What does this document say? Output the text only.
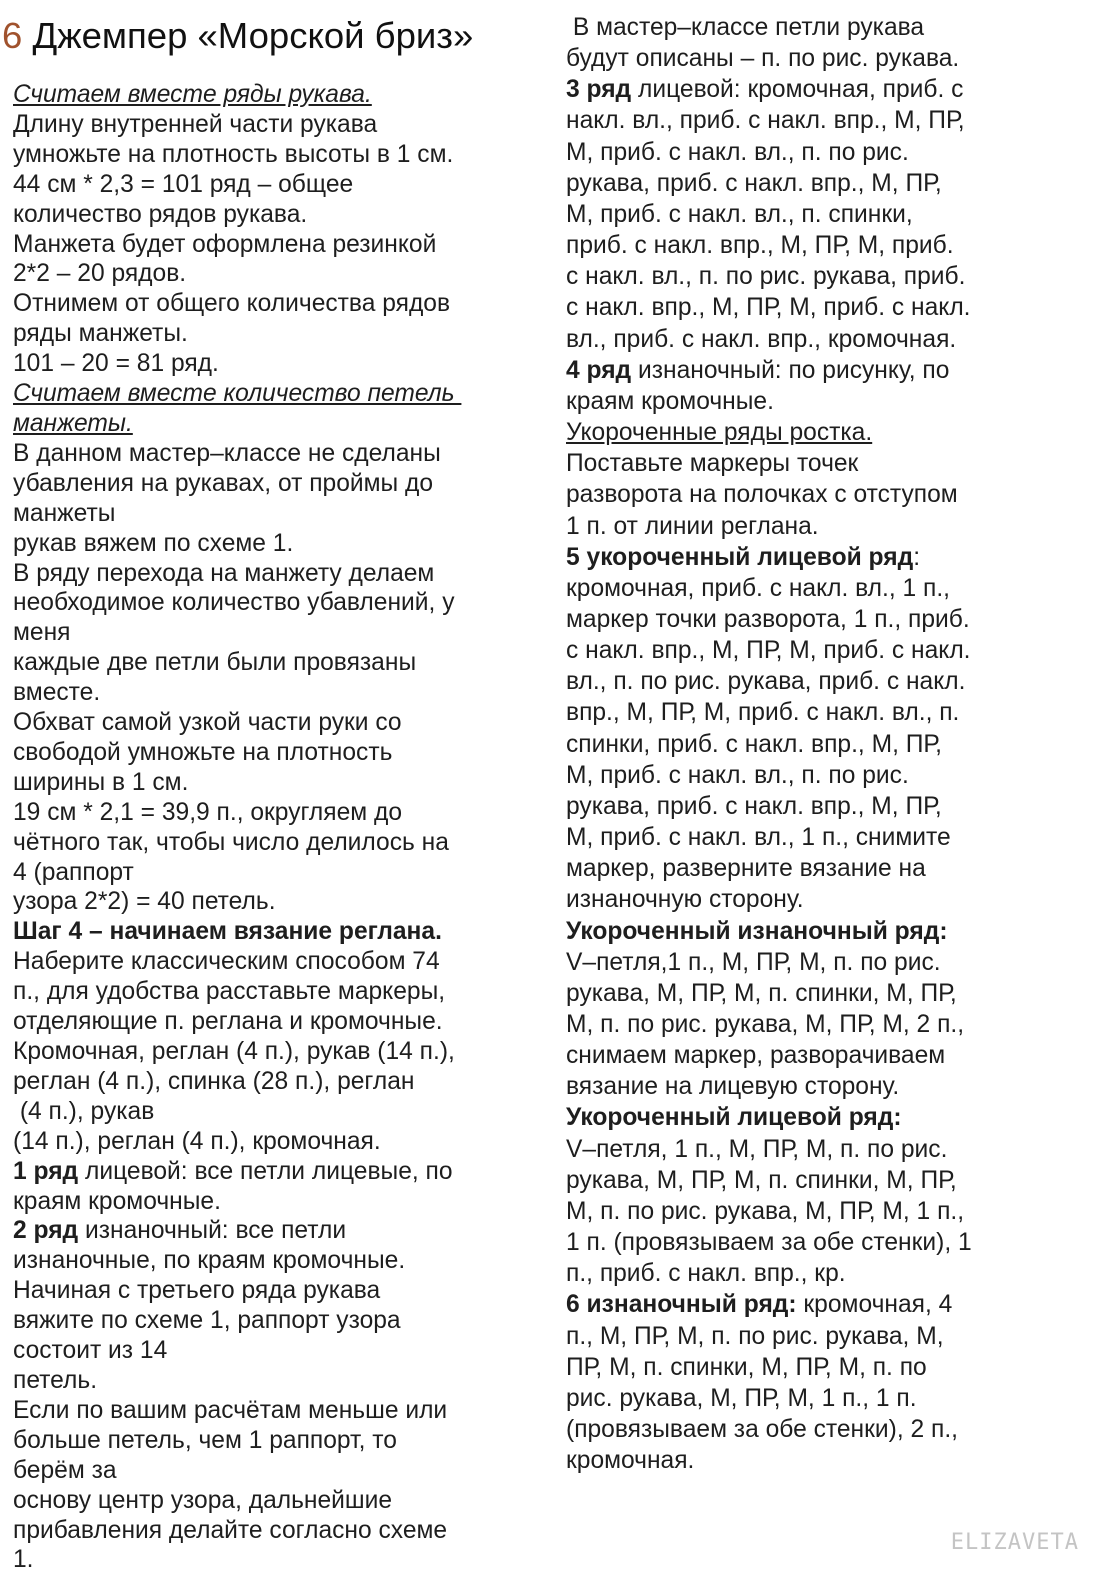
6 Джемпер «Морской бриз»
Считаем вместе ряды рукава.
Длину внутренней части рукава
умножьте на плотность высоты в 1 см.
44 см * 2,3 = 101 ряд – общее
количество рядов рукава.
Манжета будет оформлена резинкой
2*2 – 20 рядов.
Отнимем от общего количества рядов
ряды манжеты.
101 – 20 = 81 ряд.
Считаем вместе количество петель
манжеты.
В данном мастер–классе не сделаны
убавления на рукавах, от проймы до
манжеты
рукав вяжем по схеме 1.
В ряду перехода на манжету делаем
необходимое количество убавлений, у
меня
каждые две петли были провязаны
вместе.
Обхват самой узкой части руки со
свободой умножьте на плотность
ширины в 1 см.
19 см * 2,1 = 39,9 п., округляем до
чётного так, чтобы число делилось на
4 (раппорт
узора 2*2) = 40 петель.
Шаг 4 – начинаем вязание реглана.
Наберите классическим способом 74
п., для удобства расставьте маркеры,
отделяющие п. реглана и кромочные.
Кромочная, реглан (4 п.), рукав (14 п.),
реглан (4 п.), спинка (28 п.), реглан
(4 п.), рукав
(14 п.), реглан (4 п.), кромочная.
1 ряд лицевой: все петли лицевые, по
краям кромочные.
2 ряд изнаночный: все петли
изнаночные, по краям кромочные.
Начиная с третьего ряда рукава
вяжите по схеме 1, раппорт узора
состоит из 14
петель.
Если по вашим расчётам меньше или
больше петель, чем 1 раппорт, то
берём за
основу центр узора, дальнейшие
прибавления делайте согласно схеме
1.
В мастер–классе петли рукава
будут описаны – п. по рис. рукава.
3 ряд лицевой: кромочная, приб. с
накл. вл., приб. с накл. впр., М, ПР,
М, приб. с накл. вл., п. по рис.
рукава, приб. с накл. впр., М, ПР,
М, приб. с накл. вл., п. спинки,
приб. с накл. впр., М, ПР, М, приб.
с накл. вл., п. по рис. рукава, приб.
с накл. впр., М, ПР, М, приб. с накл.
вл., приб. с накл. впр., кромочная.
4 ряд изнаночный: по рисунку, по
краям кромочные.
Укороченные ряды ростка.
Поставьте маркеры точек
разворота на полочках с отступом
1 п. от линии реглана.
5 укороченный лицевой ряд:
кромочная, приб. с накл. вл., 1 п.,
маркер точки разворота, 1 п., приб.
с накл. впр., М, ПР, М, приб. с накл.
вл., п. по рис. рукава, приб. с накл.
впр., М, ПР, М, приб. с накл. вл., п.
спинки, приб. с накл. впр., М, ПР,
М, приб. с накл. вл., п. по рис.
рукава, приб. с накл. впр., М, ПР,
М, приб. с накл. вл., 1 п., снимите
маркер, разверните вязание на
изнаночную сторону.
Укороченный изнаночный ряд:
V–петля,1 п., М, ПР, М, п. по рис.
рукава, М, ПР, М, п. спинки, М, ПР,
М, п. по рис. рукава, М, ПР, М, 2 п.,
снимаем маркер, разворачиваем
вязание на лицевую сторону.
Укороченный лицевой ряд:
V–петля, 1 п., М, ПР, М, п. по рис.
рукава, М, ПР, М, п. спинки, М, ПР,
М, п. по рис. рукава, М, ПР, М, 1 п.,
1 п. (провязываем за обе стенки), 1
п., приб. с накл. впр., кр.
6 изнаночный ряд: кромочная, 4
п., М, ПР, М, п. по рис. рукава, М,
ПР, М, п. спинки, М, ПР, М, п. по
рис. рукава, М, ПР, М, 1 п., 1 п.
(провязываем за обе стенки), 2 п.,
кромочная.
ELIZAVETA
